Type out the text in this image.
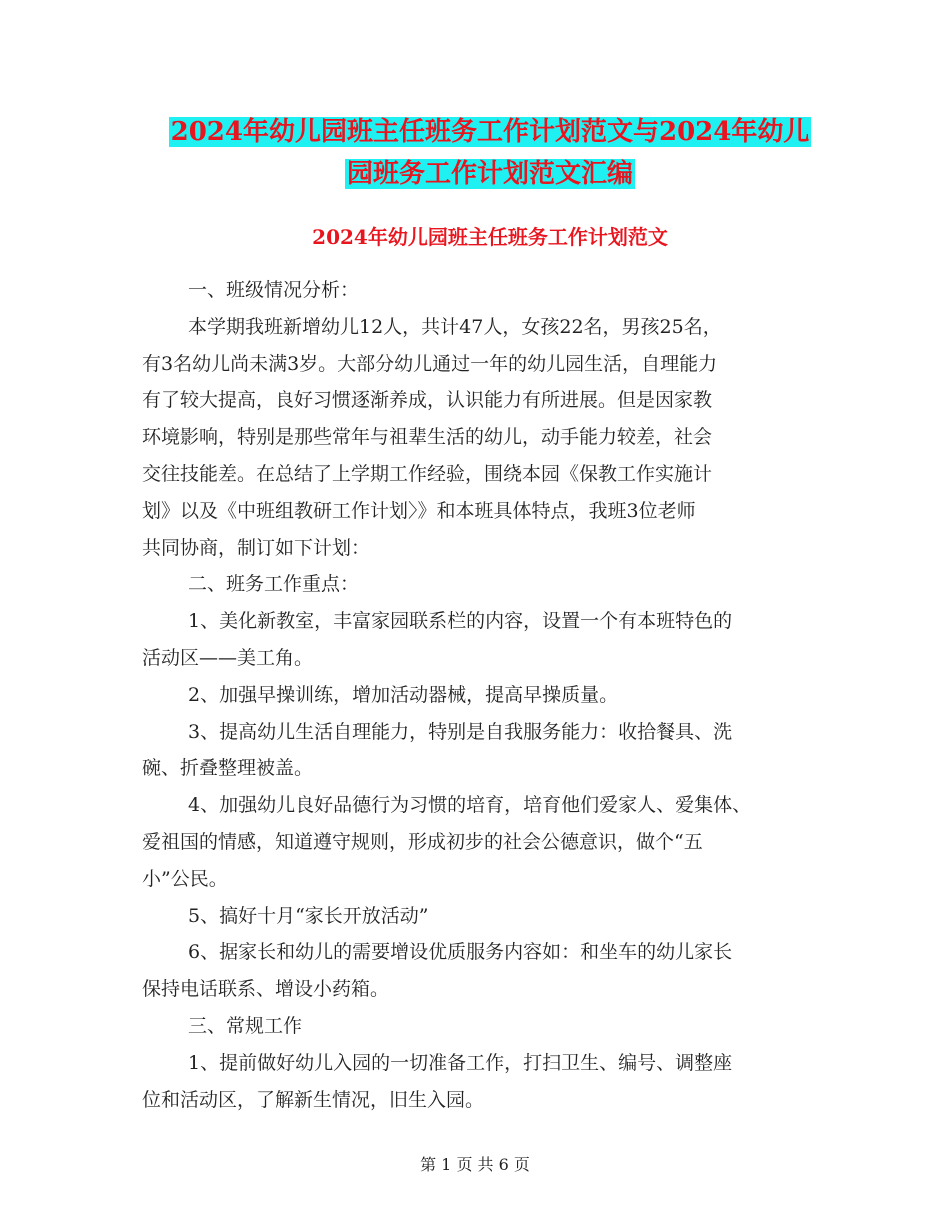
2024年幼儿园班主任班务工作计划范文与2024年幼儿
园班务工作计划范文汇编
2024年幼儿园班主任班务工作计划范文
一、班级情况分析：
本学期我班新增幼儿12人，共计47人，女孩22名，男孩25名，
有3名幼儿尚未满3岁。大部分幼儿通过一年的幼儿园生活，自理能力
有了较大提高，良好习惯逐渐养成，认识能力有所进展。但是因家教
环境影响，特别是那些常年与祖辈生活的幼儿，动手能力较差，社会
交往技能差。在总结了上学期工作经验，围绕本园《保教工作实施计
划》以及《中班组教研工作计划〉》和本班具体特点，我班3位老师
共同协商，制订如下计划：
二、班务工作重点：
1、美化新教室，丰富家园联系栏的内容，设置一个有本班特色的
活动区——美工角。
2、加强早操训练，增加活动器械，提高早操质量。
3、提高幼儿生活自理能力，特别是自我服务能力：收拾餐具、洗
碗、折叠整理被盖。
4、加强幼儿良好品德行为习惯的培育，培育他们爱家人、爱集体、
爱祖国的情感，知道遵守规则，形成初步的社会公德意识，做个“五
小”公民。
5、搞好十月“家长开放活动”
6、据家长和幼儿的需要增设优质服务内容如：和坐车的幼儿家长
保持电话联系、增设小药箱。
三、常规工作
1、提前做好幼儿入园的一切准备工作，打扫卫生、编号、调整座
位和活动区，了解新生情况，旧生入园。
第 1 页 共 6 页
